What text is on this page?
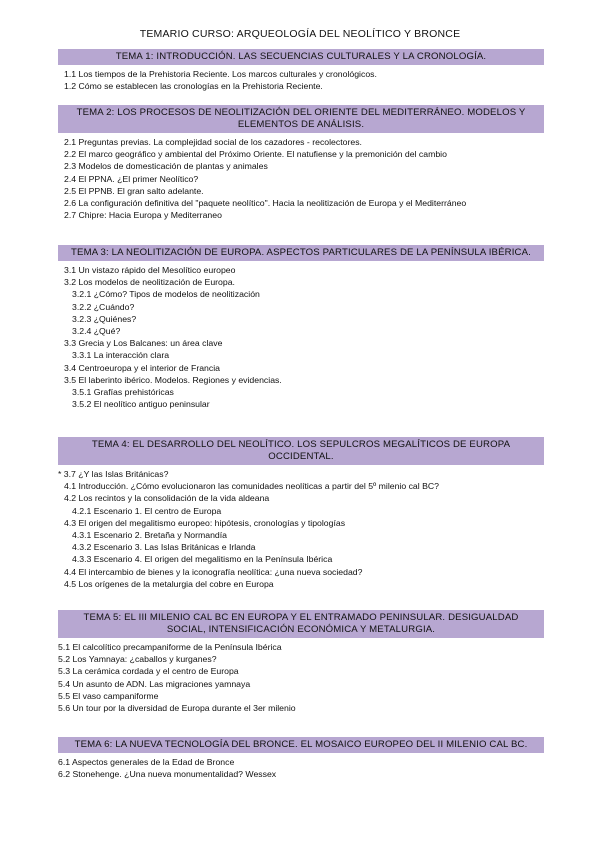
TEMARIO CURSO: ARQUEOLOGÍA DEL NEOLÍTICO Y BRONCE
TEMA 1: INTRODUCCIÓN. LAS SECUENCIAS CULTURALES Y LA CRONOLOGÍA.
1.1 Los tiempos de la Prehistoria Reciente. Los marcos culturales y cronológicos.
1.2 Cómo se establecen las cronologías en la Prehistoria Reciente.
TEMA 2: LOS PROCESOS DE NEOLITIZACIÓN DEL ORIENTE DEL MEDITERRÁNEO. MODELOS Y ELEMENTOS DE ANÁLISIS.
2.1 Preguntas previas. La complejidad social de los cazadores - recolectores.
2.2 El marco geográfico y ambiental del Próximo Oriente. El natufiense y la premonición del cambio
2.3 Modelos de domesticación de plantas y animales
2.4 El PPNA. ¿El primer Neolítico?
2.5 El PPNB. El gran salto adelante.
2.6 La configuración definitiva del "paquete neolítico". Hacia la neolitización de Europa y el Mediterráneo
2.7 Chipre: Hacia Europa y Mediterraneo
TEMA 3: LA NEOLITIZACIÓN DE EUROPA. ASPECTOS PARTICULARES DE LA PENÍNSULA IBÉRICA.
3.1 Un vistazo rápido del Mesolítico europeo
3.2 Los modelos de neolitización de Europa.
3.2.1 ¿Cómo? Tipos de modelos de neolitización
3.2.2 ¿Cuándo?
3.2.3 ¿Quiénes?
3.2.4 ¿Qué?
3.3 Grecia y Los Balcanes: un área clave
3.3.1 La interacción clara
3.4 Centroeuropa y el interior de Francia
3.5 El laberinto ibérico. Modelos. Regiones y evidencias.
3.5.1 Grafías prehistóricas
3.5.2 El neolítico antiguo peninsular
TEMA 4: EL DESARROLLO DEL NEOLÍTICO. LOS SEPULCROS MEGALÍTICOS DE EUROPA OCCIDENTAL.
* 3.7 ¿Y las Islas Británicas?
4.1 Introducción. ¿Cómo evolucionaron las comunidades neolíticas a partir del 5º milenio cal BC?
4.2 Los recintos y la consolidación de la vida aldeana
4.2.1 Escenario 1. El centro de Europa
4.3 El origen del megalitismo europeo: hipótesis, cronologías y tipologías
4.3.1 Escenario 2. Bretaña y Normandía
4.3.2 Escenario 3. Las Islas Británicas e Irlanda
4.3.3 Escenario 4. El origen del megalitismo en la Península Ibérica
4.4 El intercambio de bienes y la iconografía neolítica: ¿una nueva sociedad?
4.5 Los orígenes de la metalurgia del cobre en Europa
TEMA 5: EL III MILENIO CAL BC EN EUROPA Y EL ENTRAMADO PENINSULAR. DESIGUALDAD SOCIAL, INTENSIFICACIÓN ECONÓMICA Y METALURGIA.
5.1 El calcolítico precampaniforme de la Península Ibérica
5.2 Los Yamnaya: ¿caballos y kurganes?
5.3 La cerámica cordada y el centro de Europa
5.4 Un asunto de ADN. Las migraciones yamnaya
5.5 El vaso campaniforme
5.6 Un tour por la diversidad de Europa durante el 3er milenio
TEMA 6: LA NUEVA TECNOLOGÍA DEL BRONCE. EL MOSAICO EUROPEO DEL II MILENIO CAL BC.
6.1 Aspectos generales de la Edad de Bronce
6.2 Stonehenge. ¿Una nueva monumentalidad? Wessex
